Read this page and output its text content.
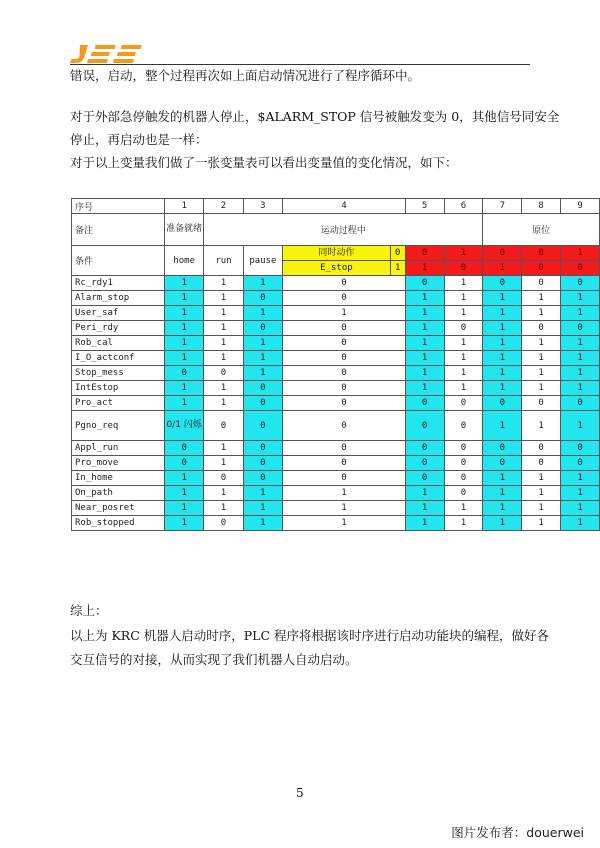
错误，启动，整个过程再次如上面启动情况进行了程序循环中。
对于外部急停触发的机器人停止，$ALARM_STOP 信号被触发变为 0，其他信号同安全
停止，再启动也是一样：
对于以上变量我们做了一张变量表可以看出变量值的变化情况，如下：
序号	1	2	3	4	5	6	7	8	9
备注	准备就绪	运动过程中					原位		
条件	home	run	pause	同时动作 0	0	1	0	0	1

				E_stop 1	1	0	1	0	0
Rc_rdy1	1	1	1	0	0	1	0	0	0
Alarm_stop	1	1	0	0	1	1	1	1	1
User_saf	1	1	1	1	1	1	1	1	1
Peri_rdy	1	1	0	0	1	0	1	0	0
Rob_cal	1	1	1	0	1	1	1	1	1
I_O_actconf	1	1	1	0	1	1	1	1	1
Stop_mess	0	0	1	0	1	1	1	1	1
IntEstop	1	1	0	0	1	1	1	1	1
Pro_act	1	1	0	0	0	0	0	0	0
Pgno_req	0/1 闪烁	0	0	0	0	0	1	1	1
Appl_run	0	1	0	0	0	0	0	0	0
Pro_move	0	1	0	0	0	0	0	0	0
In_home	1	0	0	0	0	0	1	1	1
On_path	1	1	1	1	1	0	1	1	1
Near_posret	1	1	1	1	1	1	1	1	1
Rob_stopped	1	0	1	1	1	1	1	1	1
综上：
以上为 KRC 机器人启动时序，PLC 程序将根据该时序进行启动功能块的编程，做好各
交互信号的对接，从而实现了我们机器人自动启动。
5
图片发布者：douerwei
